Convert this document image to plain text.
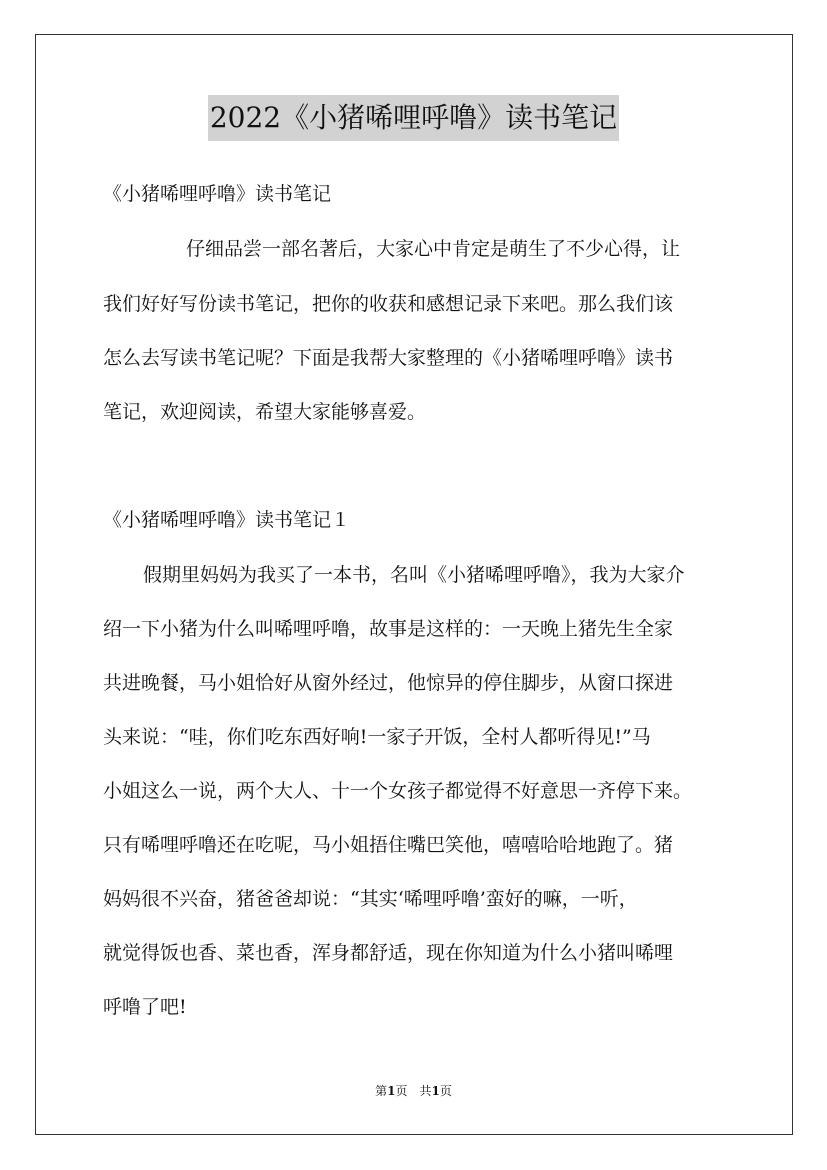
2022《小猪唏哩呼噜》读书笔记
《小猪唏哩呼噜》读书笔记
仔细品尝一部名著后，大家心中肯定是萌生了不少心得，让
我们好好写份读书笔记，把你的收获和感想记录下来吧。那么我们该
怎么去写读书笔记呢？下面是我帮大家整理的《小猪唏哩呼噜》读书
笔记，欢迎阅读，希望大家能够喜爱。
《小猪唏哩呼噜》读书笔记１
假期里妈妈为我买了一本书，名叫《小猪唏哩呼噜》，我为大家介
绍一下小猪为什么叫唏哩呼噜，故事是这样的：一天晚上猪先生全家
共进晚餐，马小姐恰好从窗外经过，他惊异的停住脚步，从窗口探进
头来说：“哇，你们吃东西好响!一家子开饭，全村人都听得见!”马
小姐这么一说，两个大人、十一个女孩子都觉得不好意思一齐停下来。
只有唏哩呼噜还在吃呢，马小姐捂住嘴巴笑他，嘻嘻哈哈地跑了。猪
妈妈很不兴奋，猪爸爸却说：“其实‘唏哩呼噜’蛮好的嘛，一听，
就觉得饭也香、菜也香，浑身都舒适，现在你知道为什么小猪叫唏哩
呼噜了吧!
第1页　共1页
